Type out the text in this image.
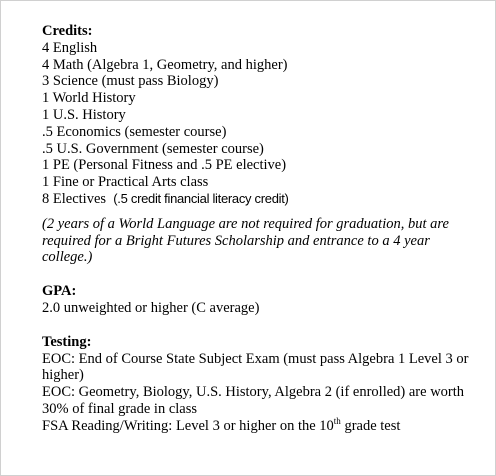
Credits:

4 English

4 Math (Algebra 1, Geometry, and higher)

3 Science (must pass Biology)

1 World History

1 U.S. History

.5 Economics (semester course)

.5 U.S. Government (semester course)

1 PE (Personal Fitness and .5 PE elective)

1 Fine or Practical Arts class

8 Electives (.5 credit financial literacy credit)

(2 years of a World Language are not required for graduation, but are required for a Bright Futures Scholarship and entrance to a 4 year college.)

GPA:

2.0 unweighted or higher (C average)

Testing:

EOC: End of Course State Subject Exam (must pass Algebra 1 Level 3 or higher)

EOC: Geometry, Biology, U.S. History, Algebra 2 (if enrolled) are worth 30% of final grade in class

FSA Reading/Writing: Level 3 or higher on the 10th grade test
